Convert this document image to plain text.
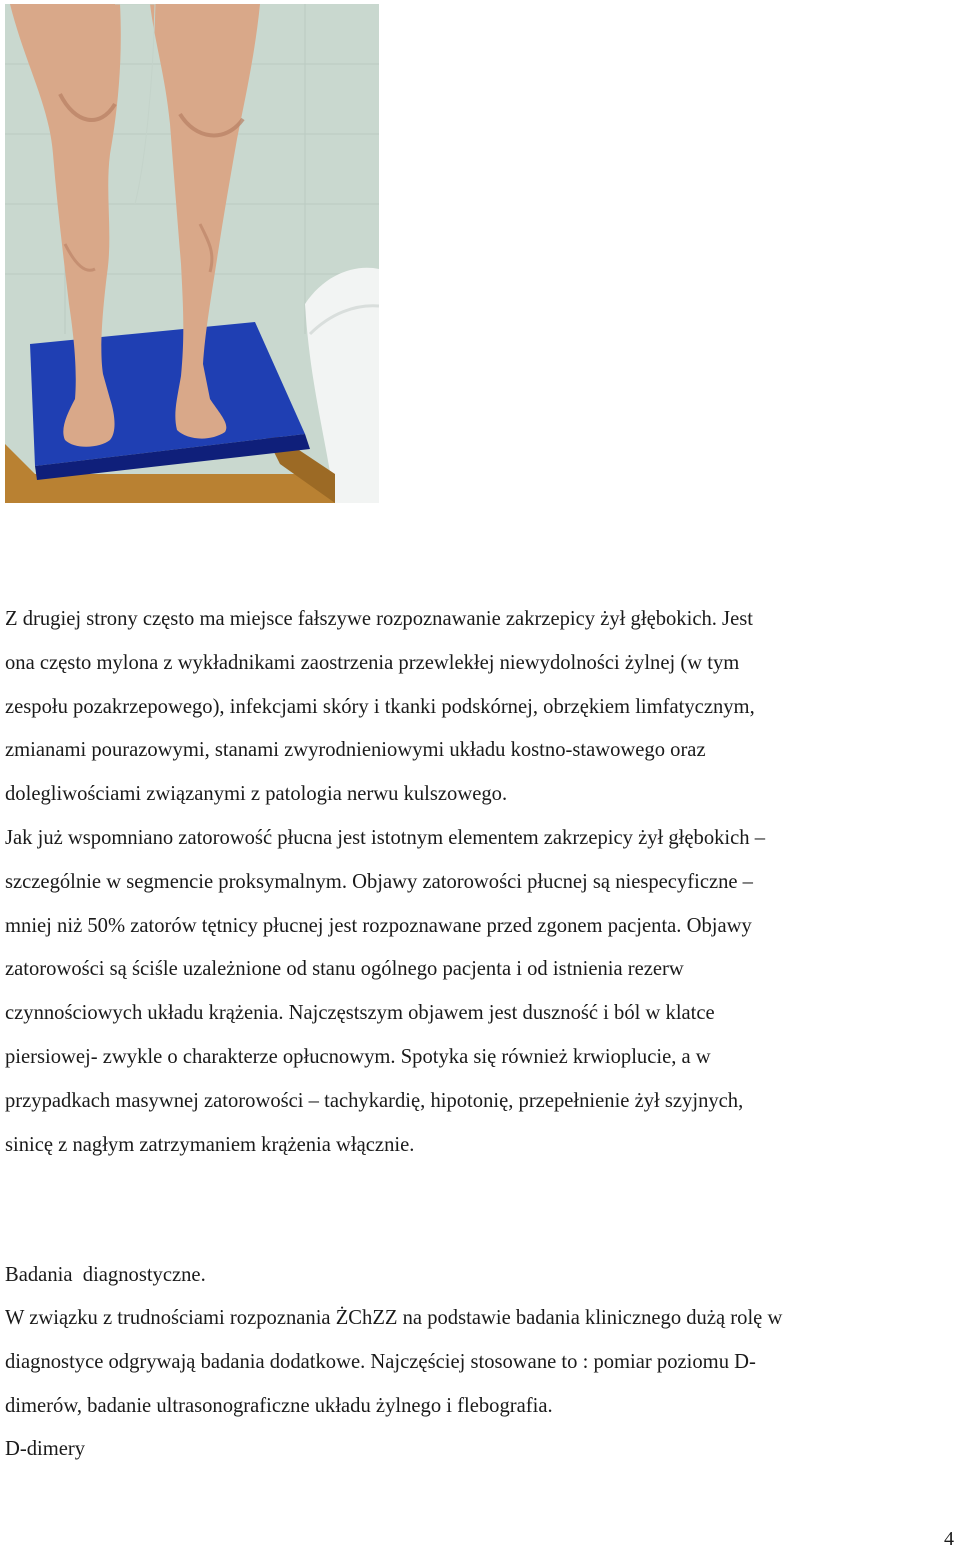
Z drugiej strony często ma miejsce fałszywe rozpoznawanie zakrzepicy żył głębokich. Jest
ona często mylona z wykładnikami zaostrzenia przewlekłej niewydolności żylnej (w tym
zespołu pozakrzepowego), infekcjami skóry i tkanki podskórnej, obrzękiem limfatycznym,
zmianami pourazowymi, stanami zwyrodnieniowymi układu kostno-stawowego oraz
dolegliwościami związanymi z patologia nerwu kulszowego.
Jak już wspomniano zatorowość płucna jest istotnym elementem zakrzepicy żył głębokich –
szczególnie w segmencie proksymalnym. Objawy zatorowości płucnej są niespecyficzne –
mniej niż 50% zatorów tętnicy płucnej jest rozpoznawane przed zgonem pacjenta. Objawy
zatorowości są ściśle uzależnione od stanu ogólnego pacjenta i od istnienia rezerw
czynnościowych układu krążenia. Najczęstszym objawem jest duszność i ból w klatce
piersiowej- zwykle o charakterze opłucnowym. Spotyka się również krwioplucie, a w
przypadkach masywnej zatorowości – tachykardię, hipotonię, przepełnienie żył szyjnych,
sinicę z nagłym zatrzymaniem krążenia włącznie.
Badania  diagnostyczne.
W związku z trudnościami rozpoznania ŻChZZ na podstawie badania klinicznego dużą rolę w
diagnostyce odgrywają badania dodatkowe. Najczęściej stosowane to : pomiar poziomu D-
dimerów, badanie ultrasonograficzne układu żylnego i flebografia.
D-dimery
4
